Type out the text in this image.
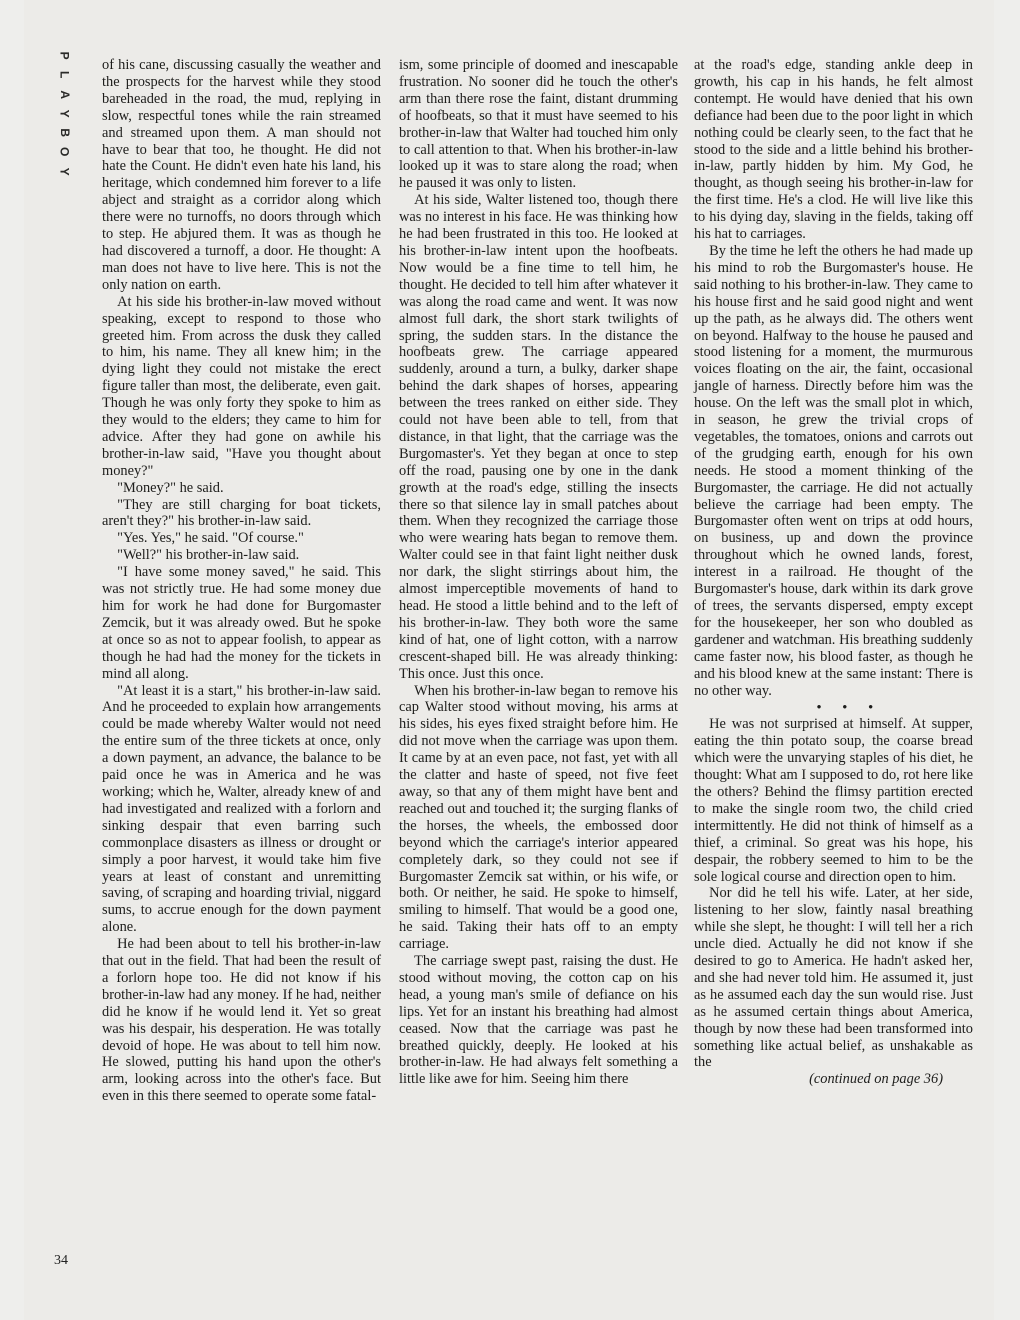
P
L
A
Y
B
O
Y
34

of his cane, discussing casually the weather and the prospects for the harvest while they stood bareheaded in the road, the mud, replying in slow, respectful tones while the rain streamed and streamed upon them. A man should not have to bear that too, he thought. He did not hate the Count. He didn't even hate his land, his heritage, which condemned him forever to a life abject and straight as a corridor along which there were no turnoffs, no doors through which to step. He abjured them. It was as though he had discovered a turnoff, a door. He thought: A man does not have to live here. This is not the only nation on earth.

At his side his brother-in-law moved without speaking, except to respond to those who greeted him. From across the dusk they called to him, his name. They all knew him; in the dying light they could not mistake the erect figure taller than most, the deliberate, even gait. Though he was only forty they spoke to him as they would to the elders; they came to him for advice. After they had gone on awhile his brother-in-law said, "Have you thought about money?"

"Money?" he said.

"They are still charging for boat tickets, aren't they?" his brother-in-law said.

"Yes. Yes," he said. "Of course."

"Well?" his brother-in-law said.

"I have some money saved," he said. This was not strictly true. He had some money due him for work he had done for Burgomaster Zemcik, but it was already owed. But he spoke at once so as not to appear foolish, to appear as though he had had the money for the tickets in mind all along.

"At least it is a start," his brother-in-law said. And he proceeded to explain how arrangements could be made whereby Walter would not need the entire sum of the three tickets at once, only a down payment, an advance, the balance to be paid once he was in America and he was working; which he, Walter, already knew of and had investigated and realized with a forlorn and sinking despair that even barring such commonplace disasters as illness or drought or simply a poor harvest, it would take him five years at least of constant and unremitting saving, of scraping and hoarding trivial, niggard sums, to accrue enough for the down payment alone.

He had been about to tell his brother-in-law that out in the field. That had been the result of a forlorn hope too. He did not know if his brother-in-law had any money. If he had, neither did he know if he would lend it. Yet so great was his despair, his desperation. He was totally devoid of hope. He was about to tell him now. He slowed, putting his hand upon the other's arm, looking across into the other's face. But even in this there seemed to operate some fatal-

ism, some principle of doomed and inescapable frustration. No sooner did he touch the other's arm than there rose the faint, distant drumming of hoofbeats, so that it must have seemed to his brother-in-law that Walter had touched him only to call attention to that. When his brother-in-law looked up it was to stare along the road; when he paused it was only to listen.

At his side, Walter listened too, though there was no interest in his face. He was thinking how he had been frustrated in this too. He looked at his brother-in-law intent upon the hoofbeats. Now would be a fine time to tell him, he thought. He decided to tell him after whatever it was along the road came and went. It was now almost full dark, the short stark twilights of spring, the sudden stars. In the distance the hoofbeats grew. The carriage appeared suddenly, around a turn, a bulky, darker shape behind the dark shapes of horses, appearing between the trees ranked on either side. They could not have been able to tell, from that distance, in that light, that the carriage was the Burgomaster's. Yet they began at once to step off the road, pausing one by one in the dank growth at the road's edge, stilling the insects there so that silence lay in small patches about them. When they recognized the carriage those who were wearing hats began to remove them. Walter could see in that faint light neither dusk nor dark, the slight stirrings about him, the almost imperceptible movements of hand to head. He stood a little behind and to the left of his brother-in-law. They both wore the same kind of hat, one of light cotton, with a narrow crescent-shaped bill. He was already thinking: This once. Just this once.

When his brother-in-law began to remove his cap Walter stood without moving, his arms at his sides, his eyes fixed straight before him. He did not move when the carriage was upon them. It came by at an even pace, not fast, yet with all the clatter and haste of speed, not five feet away, so that any of them might have bent and reached out and touched it; the surging flanks of the horses, the wheels, the embossed door beyond which the carriage's interior appeared completely dark, so they could not see if Burgomaster Zemcik sat within, or his wife, or both. Or neither, he said. He spoke to himself, smiling to himself. That would be a good one, he said. Taking their hats off to an empty carriage.

The carriage swept past, raising the dust. He stood without moving, the cotton cap on his head, a young man's smile of defiance on his lips. Yet for an instant his breathing had almost ceased. Now that the carriage was past he breathed quickly, deeply. He looked at his brother-in-law. He had always felt something a little like awe for him. Seeing him there

at the road's edge, standing ankle deep in growth, his cap in his hands, he felt almost contempt. He would have denied that his own defiance had been due to the poor light in which nothing could be clearly seen, to the fact that he stood to the side and a little behind his brother-in-law, partly hidden by him. My God, he thought, as though seeing his brother-in-law for the first time. He's a clod. He will live like this to his dying day, slaving in the fields, taking off his hat to carriages.

By the time he left the others he had made up his mind to rob the Burgomaster's house. He said nothing to his brother-in-law. They came to his house first and he said good night and went up the path, as he always did. The others went on beyond. Halfway to the house he paused and stood listening for a moment, the murmurous voices floating on the air, the faint, occasional jangle of harness. Directly before him was the house. On the left was the small plot in which, in season, he grew the trivial crops of vegetables, the tomatoes, onions and carrots out of the grudging earth, enough for his own needs. He stood a moment thinking of the Burgomaster, the carriage. He did not actually believe the carriage had been empty. The Burgomaster often went on trips at odd hours, on business, up and down the province throughout which he owned lands, forest, interest in a railroad. He thought of the Burgomaster's house, dark within its dark grove of trees, the servants dispersed, empty except for the housekeeper, her son who doubled as gardener and watchman. His breathing suddenly came faster now, his blood faster, as though he and his blood knew at the same instant: There is no other way.

• • •

He was not surprised at himself. At supper, eating the thin potato soup, the coarse bread which were the unvarying staples of his diet, he thought: What am I supposed to do, rot here like the others? Behind the flimsy partition erected to make the single room two, the child cried intermittently. He did not think of himself as a thief, a criminal. So great was his hope, his despair, the robbery seemed to him to be the sole logical course and direction open to him.

Nor did he tell his wife. Later, at her side, listening to her slow, faintly nasal breathing while she slept, he thought: I will tell her a rich uncle died. Actually he did not know if she desired to go to America. He hadn't asked her, and she had never told him. He assumed it, just as he assumed each day the sun would rise. Just as he assumed certain things about America, though by now these had been transformed into something like actual belief, as unshakable as the

(continued on page 36)
